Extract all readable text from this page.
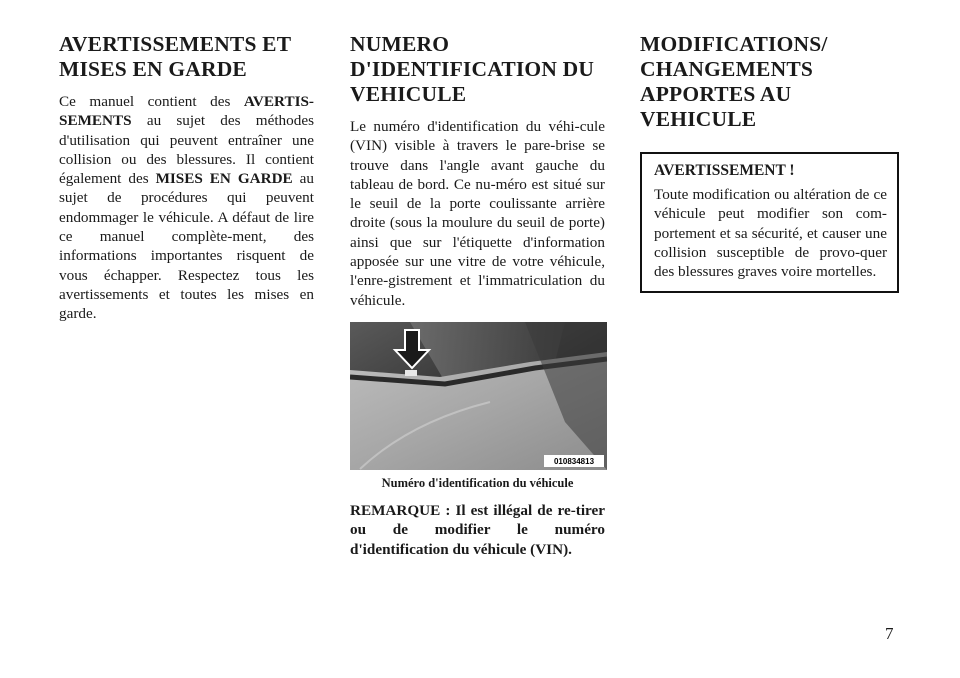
AVERTISSEMENTS ET MISES EN GARDE

Ce manuel contient des AVERTIS-SEMENTS au sujet des méthodes d'utilisation qui peuvent entraîner une collision ou des blessures. Il contient également des MISES EN GARDE au sujet de procédures qui peuvent endommager le véhicule. A défaut de lire ce manuel complète-ment, des informations importantes risquent de vous échapper. Respectez tous les avertissements et toutes les mises en garde.

NUMERO D'IDENTIFICATION DU VEHICULE

Le numéro d'identification du véhi-cule (VIN) visible à travers le pare-brise se trouve dans l'angle avant gauche du tableau de bord. Ce nu-méro est situé sur le seuil de la porte coulissante arrière droite (sous la moulure du seuil de porte) ainsi que sur l'étiquette d'information apposée sur une vitre de votre véhicule, l'enre-gistrement et l'immatriculation du véhicule.

010834813
Numéro d'identification du véhicule

REMARQUE : Il est illégal de re-tirer ou de modifier le numéro d'identification du véhicule (VIN).

MODIFICATIONS/ CHANGEMENTS APPORTES AU VEHICULE
AVERTISSEMENT !

Toute modification ou altération de ce véhicule peut modifier son com-portement et sa sécurité, et causer une collision susceptible de provo-quer des blessures graves voire mortelles.

7
